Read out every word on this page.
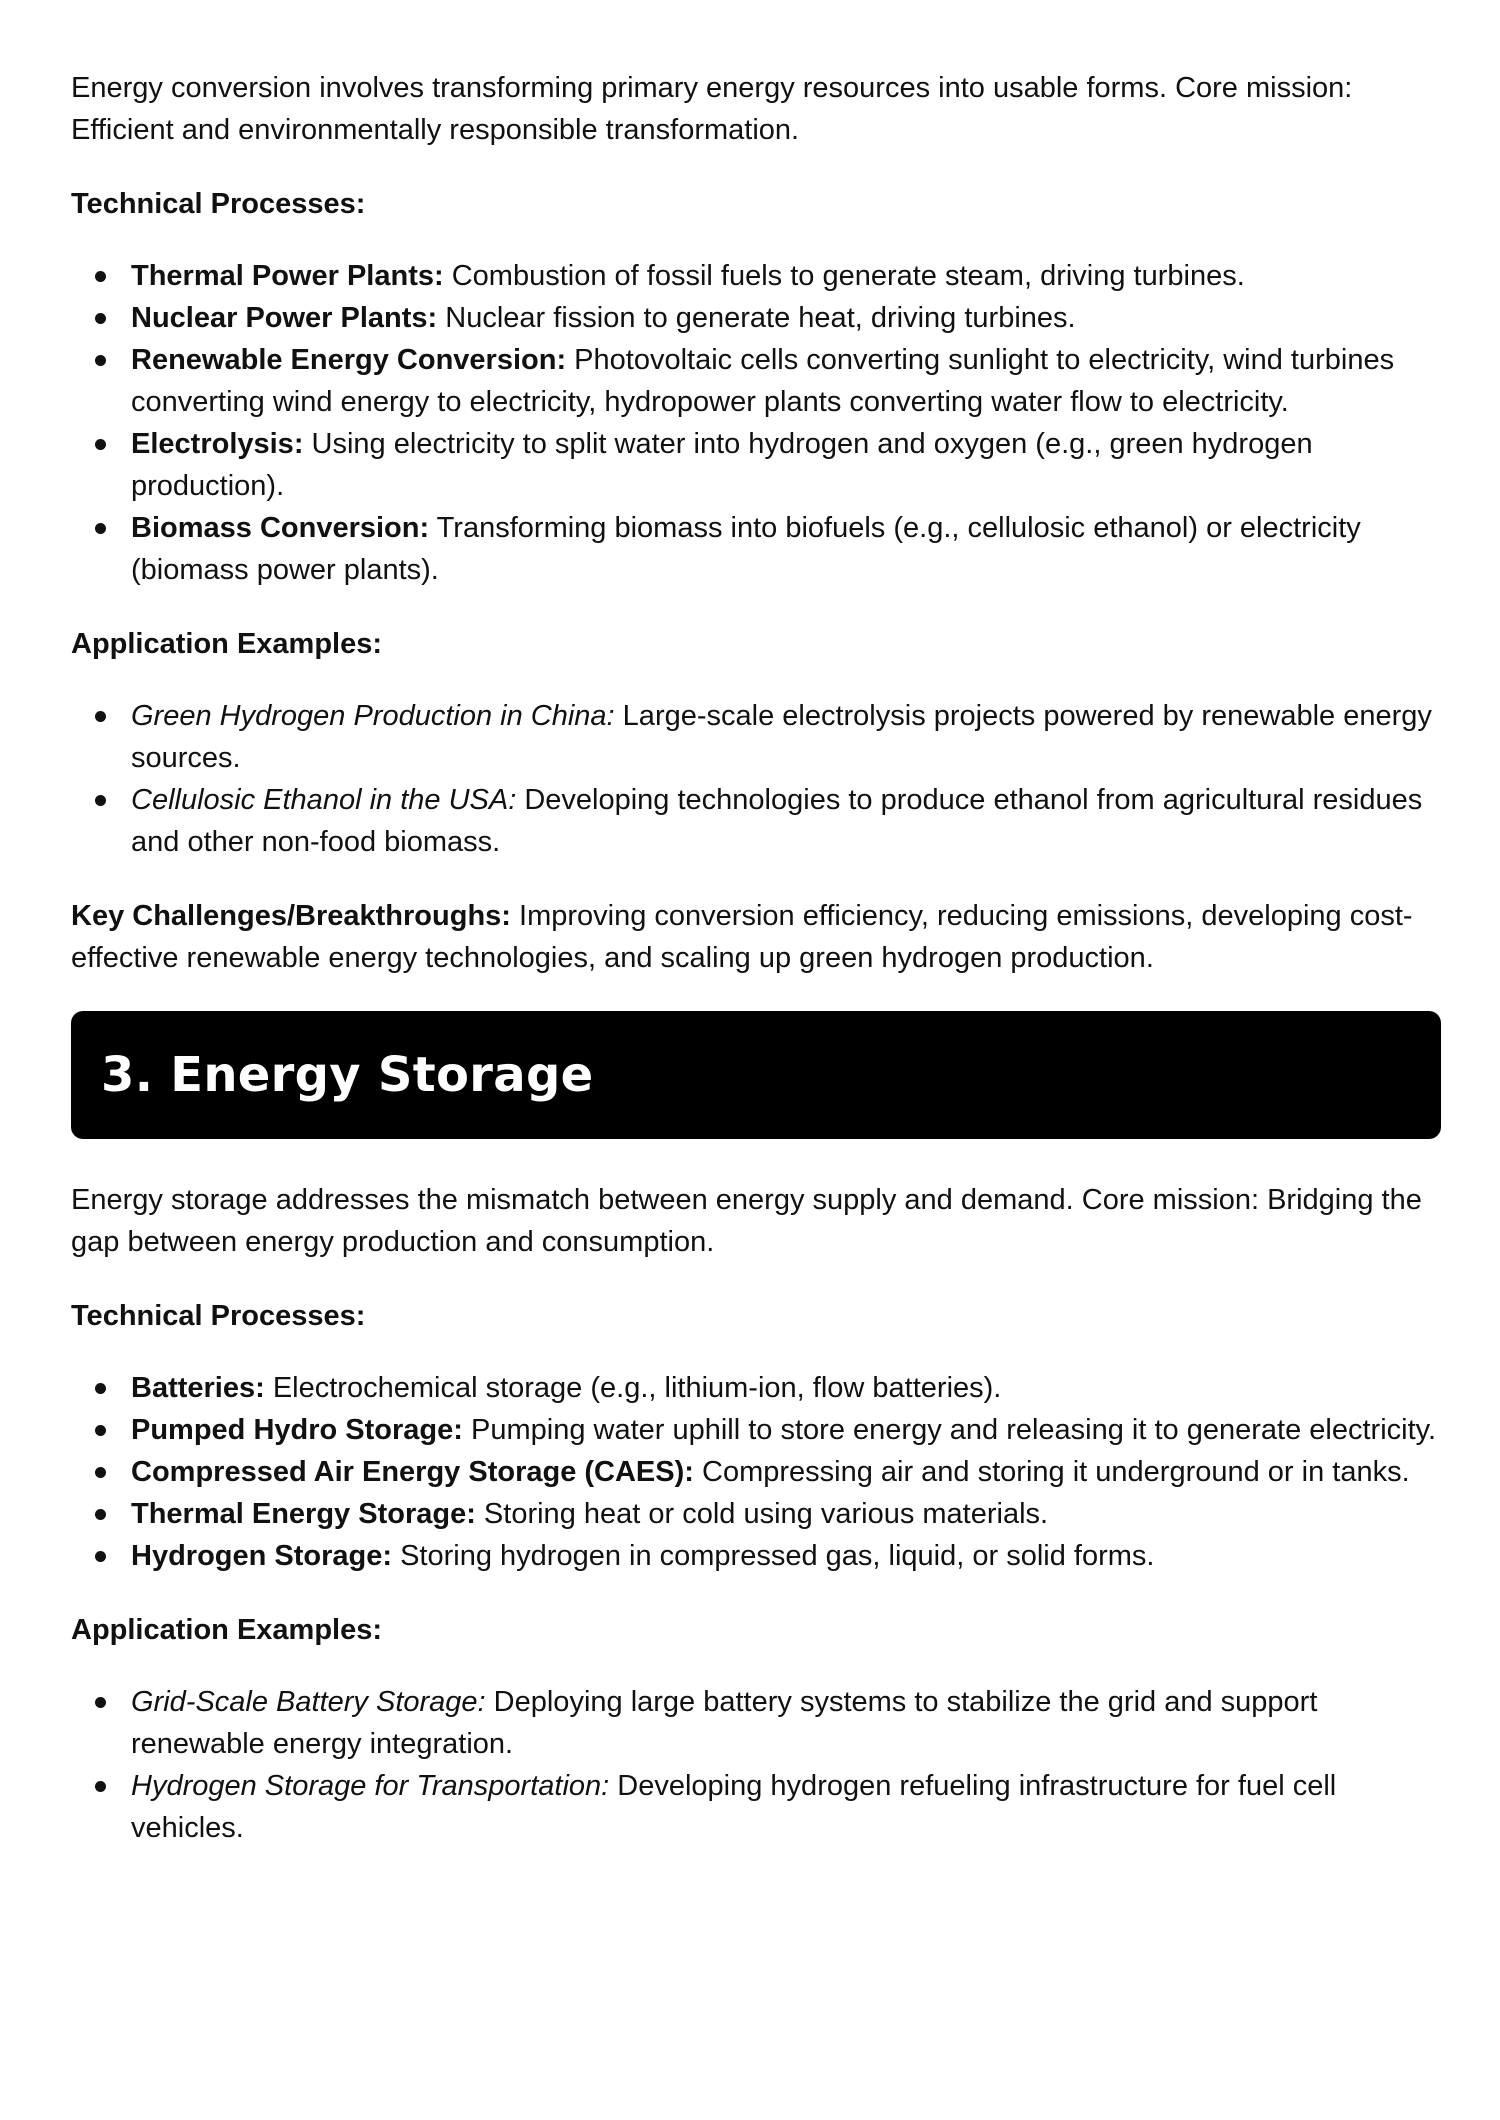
Energy conversion involves transforming primary energy resources into usable forms. Core mission: Efficient and environmentally responsible transformation.

Technical Processes:

Thermal Power Plants: Combustion of fossil fuels to generate steam, driving turbines.
Nuclear Power Plants: Nuclear fission to generate heat, driving turbines.
Renewable Energy Conversion: Photovoltaic cells converting sunlight to electricity, wind turbines converting wind energy to electricity, hydropower plants converting water flow to electricity.
Electrolysis: Using electricity to split water into hydrogen and oxygen (e.g., green hydrogen production).
Biomass Conversion: Transforming biomass into biofuels (e.g., cellulosic ethanol) or electricity (biomass power plants).

Application Examples:

Green Hydrogen Production in China: Large-scale electrolysis projects powered by renewable energy sources.
Cellulosic Ethanol in the USA: Developing technologies to produce ethanol from agricultural residues and other non-food biomass.

Key Challenges/Breakthroughs: Improving conversion efficiency, reducing emissions, developing cost-effective renewable energy technologies, and scaling up green hydrogen production.

3. Energy Storage

Energy storage addresses the mismatch between energy supply and demand. Core mission: Bridging the gap between energy production and consumption.

Technical Processes:

Batteries: Electrochemical storage (e.g., lithium-ion, flow batteries).
Pumped Hydro Storage: Pumping water uphill to store energy and releasing it to generate electricity.
Compressed Air Energy Storage (CAES): Compressing air and storing it underground or in tanks.
Thermal Energy Storage: Storing heat or cold using various materials.
Hydrogen Storage: Storing hydrogen in compressed gas, liquid, or solid forms.

Application Examples:

Grid-Scale Battery Storage: Deploying large battery systems to stabilize the grid and support renewable energy integration.
Hydrogen Storage for Transportation: Developing hydrogen refueling infrastructure for fuel cell vehicles.
